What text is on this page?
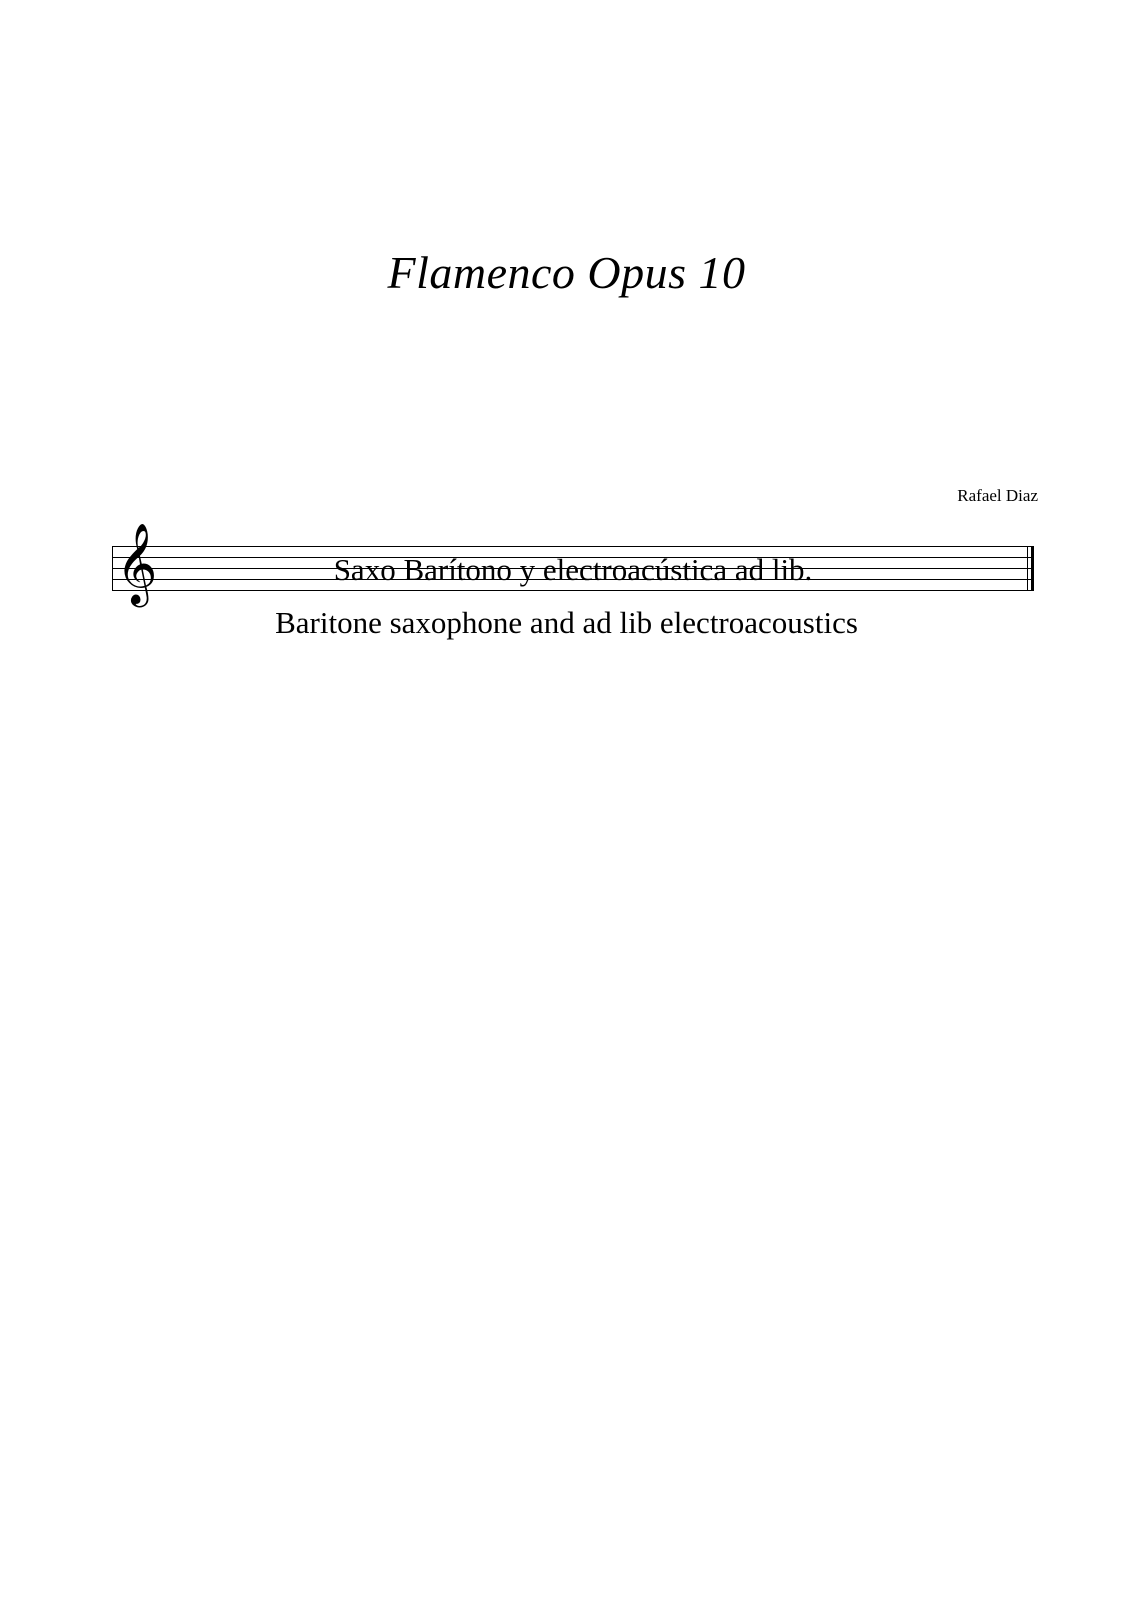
Flamenco Opus 10
Rafael Diaz
𝄞	Saxo Barítono y electroacústica ad lib.
Baritone saxophone and ad lib electroacoustics
